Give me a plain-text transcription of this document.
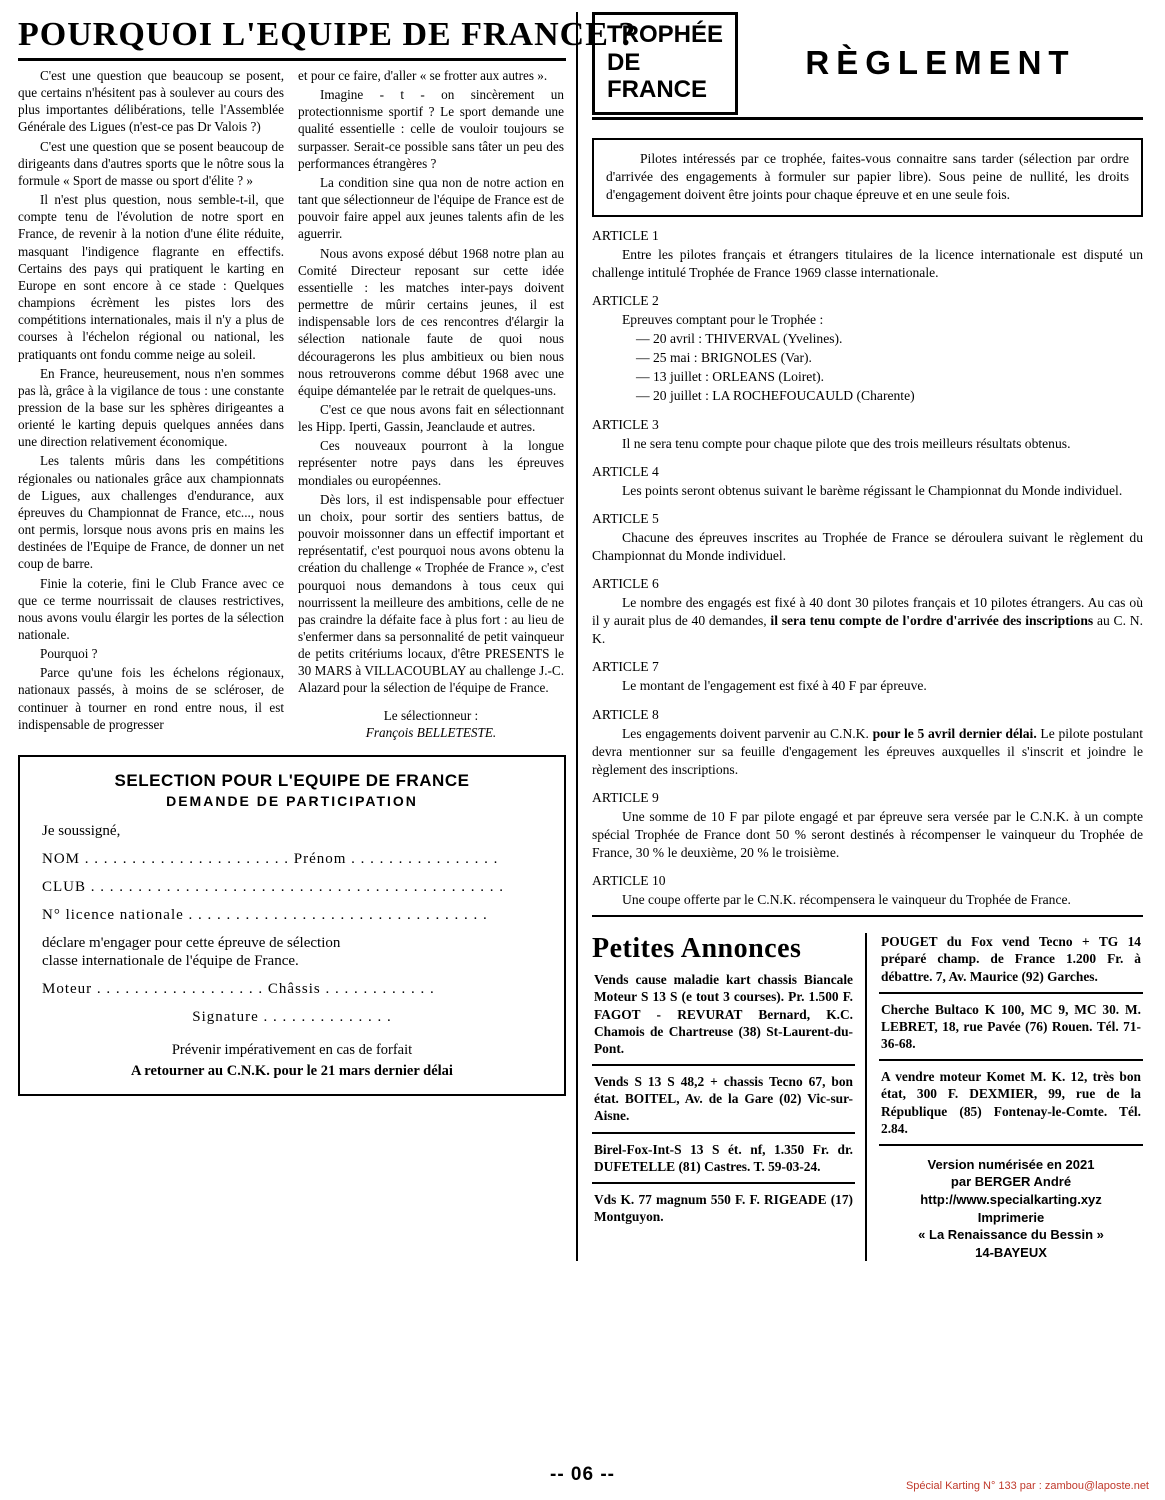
POURQUOI L'EQUIPE DE FRANCE ?

C'est une question que beaucoup se posent, que certains n'hésitent pas à soulever au cours des plus importantes délibérations, telle l'Assemblée Générale des Ligues (n'est-ce pas Dr Valois ?)

C'est une question que se posent beaucoup de dirigeants dans d'autres sports que le nôtre sous la formule « Sport de masse ou sport d'élite ? »

Il n'est plus question, nous semble-t-il, que compte tenu de l'évolution de notre sport en France, de revenir à la notion d'une élite réduite, masquant l'indigence flagrante en effectifs. Certains des pays qui pratiquent le karting en Europe en sont encore à ce stade : Quelques champions écrèment les pistes lors des compétitions internationales, mais il n'y a plus de courses à l'échelon régional ou national, les pratiquants ont fondu comme neige au soleil.

En France, heureusement, nous n'en sommes pas là, grâce à la vigilance de tous : une constante pression de la base sur les sphères dirigeantes a orienté le karting depuis quelques années dans une direction relativement économique.

Les talents mûris dans les compétitions régionales ou nationales grâce aux championnats de Ligues, aux challenges d'endurance, aux épreuves du Championnat de France, etc..., nous ont permis, lorsque nous avons pris en mains les destinées de l'Equipe de France, de donner un net coup de barre.

Finie la coterie, fini le Club France avec ce que ce terme nourrissait de clauses restrictives, nous avons voulu élargir les portes de la sélection nationale.

Pourquoi ?

Parce qu'une fois les échelons régionaux, nationaux passés, à moins de se scléroser, de continuer à tourner en rond entre nous, il est indispensable de progresser

et pour ce faire, d'aller « se frotter aux autres ».

Imagine - t - on sincèrement un protectionnisme sportif ? Le sport demande une qualité essentielle : celle de vouloir toujours se surpasser. Serait-ce possible sans tâter un peu des performances étrangères ?

La condition sine qua non de notre action en tant que sélectionneur de l'équipe de France est de pouvoir faire appel aux jeunes talents afin de les aguerrir.

Nous avons exposé début 1968 notre plan au Comité Directeur reposant sur cette idée essentielle : les matches inter-pays doivent permettre de mûrir certains jeunes, il est indispensable lors de ces rencontres d'élargir la sélection nationale faute de quoi nous découragerons les plus ambitieux ou bien nous nous retrouverons comme début 1968 avec une équipe démantelée par le retrait de quelques-uns.

C'est ce que nous avons fait en sélectionnant les Hipp. Iperti, Gassin, Jeanclaude et autres.

Ces nouveaux pourront à la longue représenter notre pays dans les épreuves mondiales ou européennes.

Dès lors, il est indispensable pour effectuer un choix, pour sortir des sentiers battus, de pouvoir moissonner dans un effectif important et représentatif, c'est pourquoi nous avons obtenu la création du challenge « Trophée de France », c'est pourquoi nous demandons à tous ceux qui nourrissent la meilleure des ambitions, celle de ne pas craindre la défaite face à plus fort : au lieu de s'enfermer dans sa personnalité de petit vainqueur de petits critériums locaux, d'être PRESENTS le 30 MARS à VILLACOUBLAY au challenge J.-C. Alazard pour la sélection de l'équipe de France.

Le sélectionneur :
François BELLETESTE.
SELECTION POUR L'EQUIPE DE FRANCE
DEMANDE DE PARTICIPATION
Je soussigné,
NOM . . . . . . . . . . . . . . . . . . . . . . Prénom . . . . . . . . . . . . . . . .
CLUB . . . . . . . . . . . . . . . . . . . . . . . . . . . . . . . . . . . . . . . . . . . .
N° licence nationale . . . . . . . . . . . . . . . . . . . . . . . . . . . . . . . .
déclare m'engager pour cette épreuve de sélection
classe internationale de l'équipe de France.
Moteur . . . . . . . . . . . . . . . . . . Châssis . . . . . . . . . . . .
Signature . . . . . . . . . . . . . .
Prévenir impérativement en cas de forfait
A retourner au C.N.K. pour le 21 mars dernier délai
TROPHÉE
DE
FRANCE
RÈGLEMENT

Pilotes intéressés par ce trophée, faites-vous connaitre sans tarder (sélection par ordre d'arrivée des engagements à formuler sur papier libre). Sous peine de nullité, les droits d'engagement doivent être joints pour chaque épreuve et en une seule fois.

ARTICLE 1

Entre les pilotes français et étrangers titulaires de la licence internationale est disputé un challenge intitulé Trophée de France 1969 classe internationale.

ARTICLE 2

Epreuves comptant pour le Trophée :

— 20 avril : THIVERVAL (Yvelines).
— 25 mai : BRIGNOLES (Var).
— 13 juillet : ORLEANS (Loiret).
— 20 juillet : LA ROCHEFOUCAULD (Charente)
ARTICLE 3

Il ne sera tenu compte pour chaque pilote que des trois meilleurs résultats obtenus.

ARTICLE 4

Les points seront obtenus suivant le barème régissant le Championnat du Monde individuel.

ARTICLE 5

Chacune des épreuves inscrites au Trophée de France se déroulera suivant le règlement du Championnat du Monde individuel.

ARTICLE 6

Le nombre des engagés est fixé à 40 dont 30 pilotes français et 10 pilotes étrangers. Au cas où il y aurait plus de 40 demandes, il sera tenu compte de l'ordre d'arrivée des inscriptions au C. N. K.

ARTICLE 7

Le montant de l'engagement est fixé à 40 F par épreuve.

ARTICLE 8

Les engagements doivent parvenir au C.N.K. pour le 5 avril dernier délai. Le pilote postulant devra mentionner sur sa feuille d'engagement les épreuves auxquelles il s'inscrit et joindre le règlement des inscriptions.

ARTICLE 9

Une somme de 10 F par pilote engagé et par épreuve sera versée par le C.N.K. à un compte spécial Trophée de France dont 50 % seront destinés à récompenser le vainqueur du Trophée de France, 30 % le deuxième, 20 % le troisième.

ARTICLE 10

Une coupe offerte par le C.N.K. récompensera le vainqueur du Trophée de France.

Petites Annonces
Vends cause maladie kart chassis Biancale Moteur S 13 S (e tout 3 courses). Pr. 1.500 F. FAGOT - REVURAT Bernard, K.C. Chamois de Chartreuse (38) St-Laurent-du-Pont.
Vends S 13 S 48,2 + chassis Tecno 67, bon état. BOITEL, Av. de la Gare (02) Vic-sur-Aisne.
Birel-Fox-Int-S 13 S ét. nf, 1.350 Fr. dr. DUFETELLE (81) Castres. T. 59-03-24.
Vds K. 77 magnum 550 F. F. RIGEADE (17) Montguyon.
POUGET du Fox vend Tecno + TG 14 préparé champ. de France 1.200 Fr. à débattre. 7, Av. Maurice (92) Garches.
Cherche Bultaco K 100, MC 9, MC 30. M. LEBRET, 18, rue Pavée (76) Rouen. Tél. 71-36-68.
A vendre moteur Komet M. K. 12, très bon état, 300 F. DEXMIER, 99, rue de la République (85) Fontenay-le-Comte. Tél. 2.84.
Version numérisée en 2021
par BERGER André
http://www.specialkarting.xyz
Imprimerie
« La Renaissance du Bessin »
14-BAYEUX
-- 06 --
Spécial Karting N° 133 par : zambou@laposte.net
